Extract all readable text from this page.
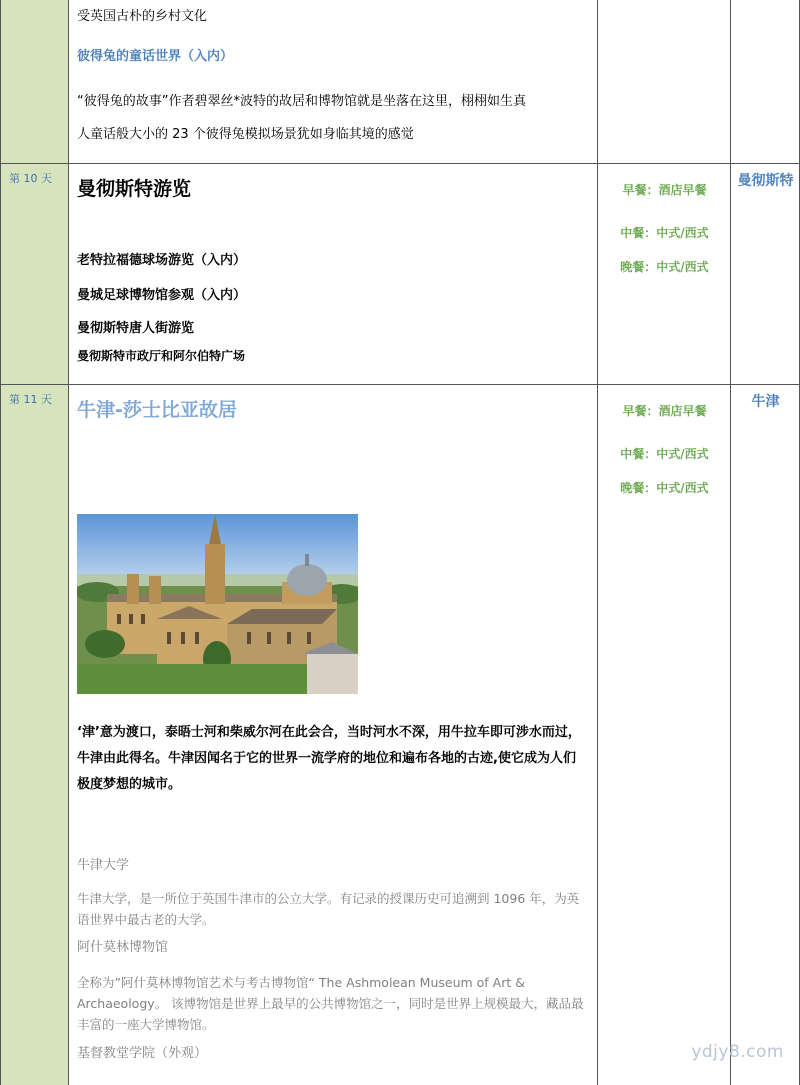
受英国古朴的乡村文化
彼得兔的童话世界（入内）
“彼得兔的故事”作者碧翠丝*波特的故居和博物馆就是坐落在这里，栩栩如生真
人童话般大小的 23 个彼得兔模拟场景犹如身临其境的感觉
第 10 天 曼彻斯特游览
老特拉福德球场游览（入内）
曼城足球博物馆参观（入内）
曼彻斯特唐人街游览
曼彻斯特市政厅和阿尔伯特广场
早餐：酒店早餐
中餐：中式/西式
晚餐：中式/西式
曼彻斯特
第 11 天 牛津-莎士比亚故居
‘津’意为渡口，泰晤士河和柴威尔河在此会合，当时河水不深，用牛拉车即可涉水而过，牛津由此得名。牛津因闻名于它的世界一流学府的地位和遍布各地的古迹,使它成为人们极度梦想的城市。
牛津大学
牛津大学，是一所位于英国牛津市的公立大学。有记录的授课历史可追溯到 1096 年，为英语世界中最古老的大学。
阿什莫林博物馆
全称为”阿什莫林博物馆艺术与考古博物馆“ The Ashmolean Museum of Art & Archaeology。 该博物馆是世界上最早的公共博物馆之一，同时是世界上规模最大，藏品最丰富的一座大学博物馆。
基督教堂学院（外观）
早餐：酒店早餐
中餐：中式/西式
晚餐：中式/西式
牛津
ydjy8.com
